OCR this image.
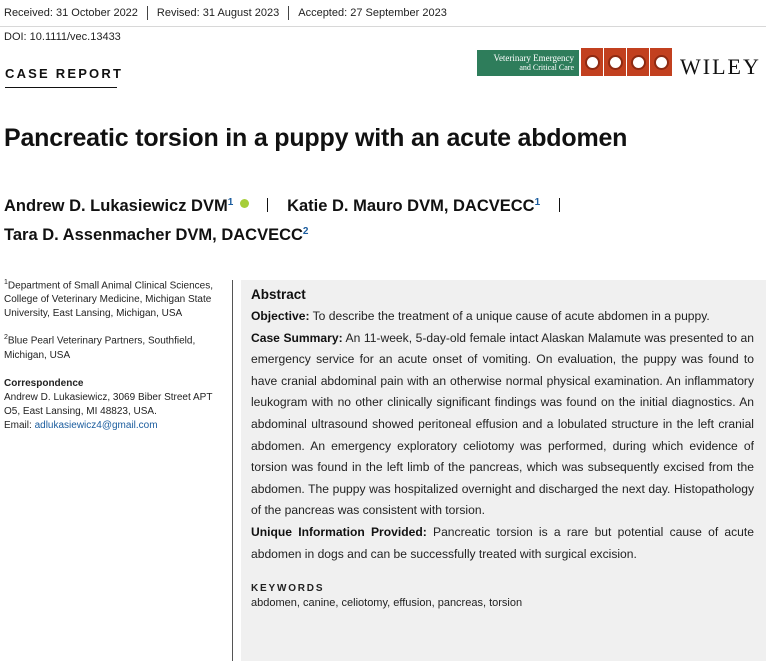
Received: 31 October 2022	Revised: 31 August 2023	Accepted: 27 September 2023
DOI: 10.1111/vec.13433
CASE REPORT
Veterinary Emergency
and Critical Care	WILEY
Pancreatic torsion in a puppy with an acute abdomen
Andrew D. Lukasiewicz DVM$^1$	Katie D. Mauro DVM, DACVECC$^1$
Tara D. Assenmacher DVM, DACVECC$^2$

$^1$Department of Small Animal Clinical Sciences, College of Veterinary Medicine, Michigan State University, East Lansing, Michigan, USA

$^2$Blue Pearl Veterinary Partners, Southfield, Michigan, USA

Correspondence
Andrew D. Lukasiewicz, 3069 Biber Street APT O5, East Lansing, MI 48823, USA.
Email: adlukasiewicz4@gmail.com
Abstract

Objective: To describe the treatment of a unique cause of acute abdomen in a puppy.

Case Summary: An 11-week, 5-day-old female intact Alaskan Malamute was presented to an emergency service for an acute onset of vomiting. On evaluation, the puppy was found to have cranial abdominal pain with an otherwise normal physical examination. An inflammatory leukogram with no other clinically significant findings was found on the initial diagnostics. An abdominal ultrasound showed peritoneal effusion and a lobulated structure in the left cranial abdomen. An emergency exploratory celiotomy was performed, during which evidence of torsion was found in the left limb of the pancreas, which was subsequently excised from the abdomen. The puppy was hospitalized overnight and discharged the next day. Histopathology of the pancreas was consistent with torsion.

Unique Information Provided: Pancreatic torsion is a rare but potential cause of acute abdomen in dogs and can be successfully treated with surgical excision.

KEYWORDS
abdomen, canine, celiotomy, effusion, pancreas, torsion
